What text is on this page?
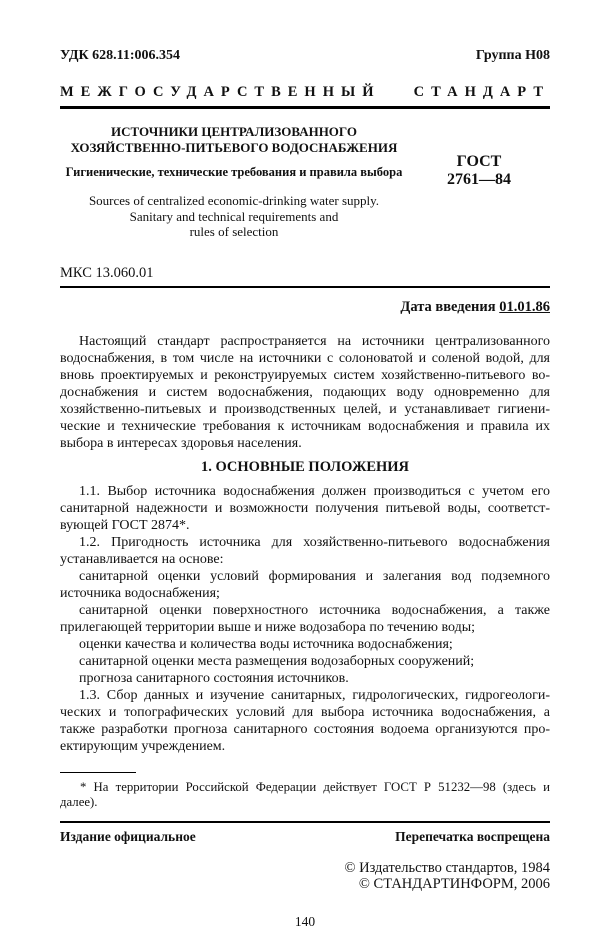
УДК 628.11:006.354	Группа Н08
МЕЖГОСУДАРСТВЕННЫЙ СТАНДАРТ
ИСТОЧНИКИ ЦЕНТРАЛИЗОВАННОГО
ХОЗЯЙСТВЕННО-ПИТЬЕВОГО ВОДОСНАБЖЕНИЯ
Гигиенические, технические требования и правила выбора
Sources of centralized economic-drinking water supply.
Sanitary and technical requirements and
rules of selection
ГОСТ
2761—84
МКС 13.060.01
Дата введения 01.01.86
Настоящий стандарт распространяется на источники централизованного
водоснабжения, в том числе на источники с солоноватой и соленой водой, для
вновь проектируемых и реконструируемых систем хозяйственно-питьевого во-
доснабжения и систем водоснабжения, подающих воду одновременно для
хозяйственно-питьевых и производственных целей, и устанавливает гигиени-
ческие и технические требования к источникам водоснабжения и правила их
выбора в интересах здоровья населения.
1. ОСНОВНЫЕ ПОЛОЖЕНИЯ
1.1. Выбор источника водоснабжения должен производиться с учетом его
санитарной надежности и возможности получения питьевой воды, соответст-
вующей ГОСТ 2874*.
1.2. Пригодность источника для хозяйственно-питьевого водоснабжения
устанавливается на основе:
санитарной оценки условий формирования и залегания вод подземного
источника водоснабжения;
санитарной оценки поверхностного источника водоснабжения, а также
прилегающей территории выше и ниже водозабора по течению воды;
оценки качества и количества воды источника водоснабжения;
санитарной оценки места размещения водозаборных сооружений;
прогноза санитарного состояния источников.
1.3. Сбор данных и изучение санитарных, гидрологических, гидрогеологи-
ческих и топографических условий для выбора источника водоснабжения, а
также разработки прогноза санитарного состояния водоема организуются про-
ектирующим учреждением.
* На территории Российской Федерации действует ГОСТ Р 51232—98 (здесь и далее).
Издание официальное	Перепечатка воспрещена
© Издательство стандартов, 1984
© СТАНДАРТИНФОРМ, 2006
140
